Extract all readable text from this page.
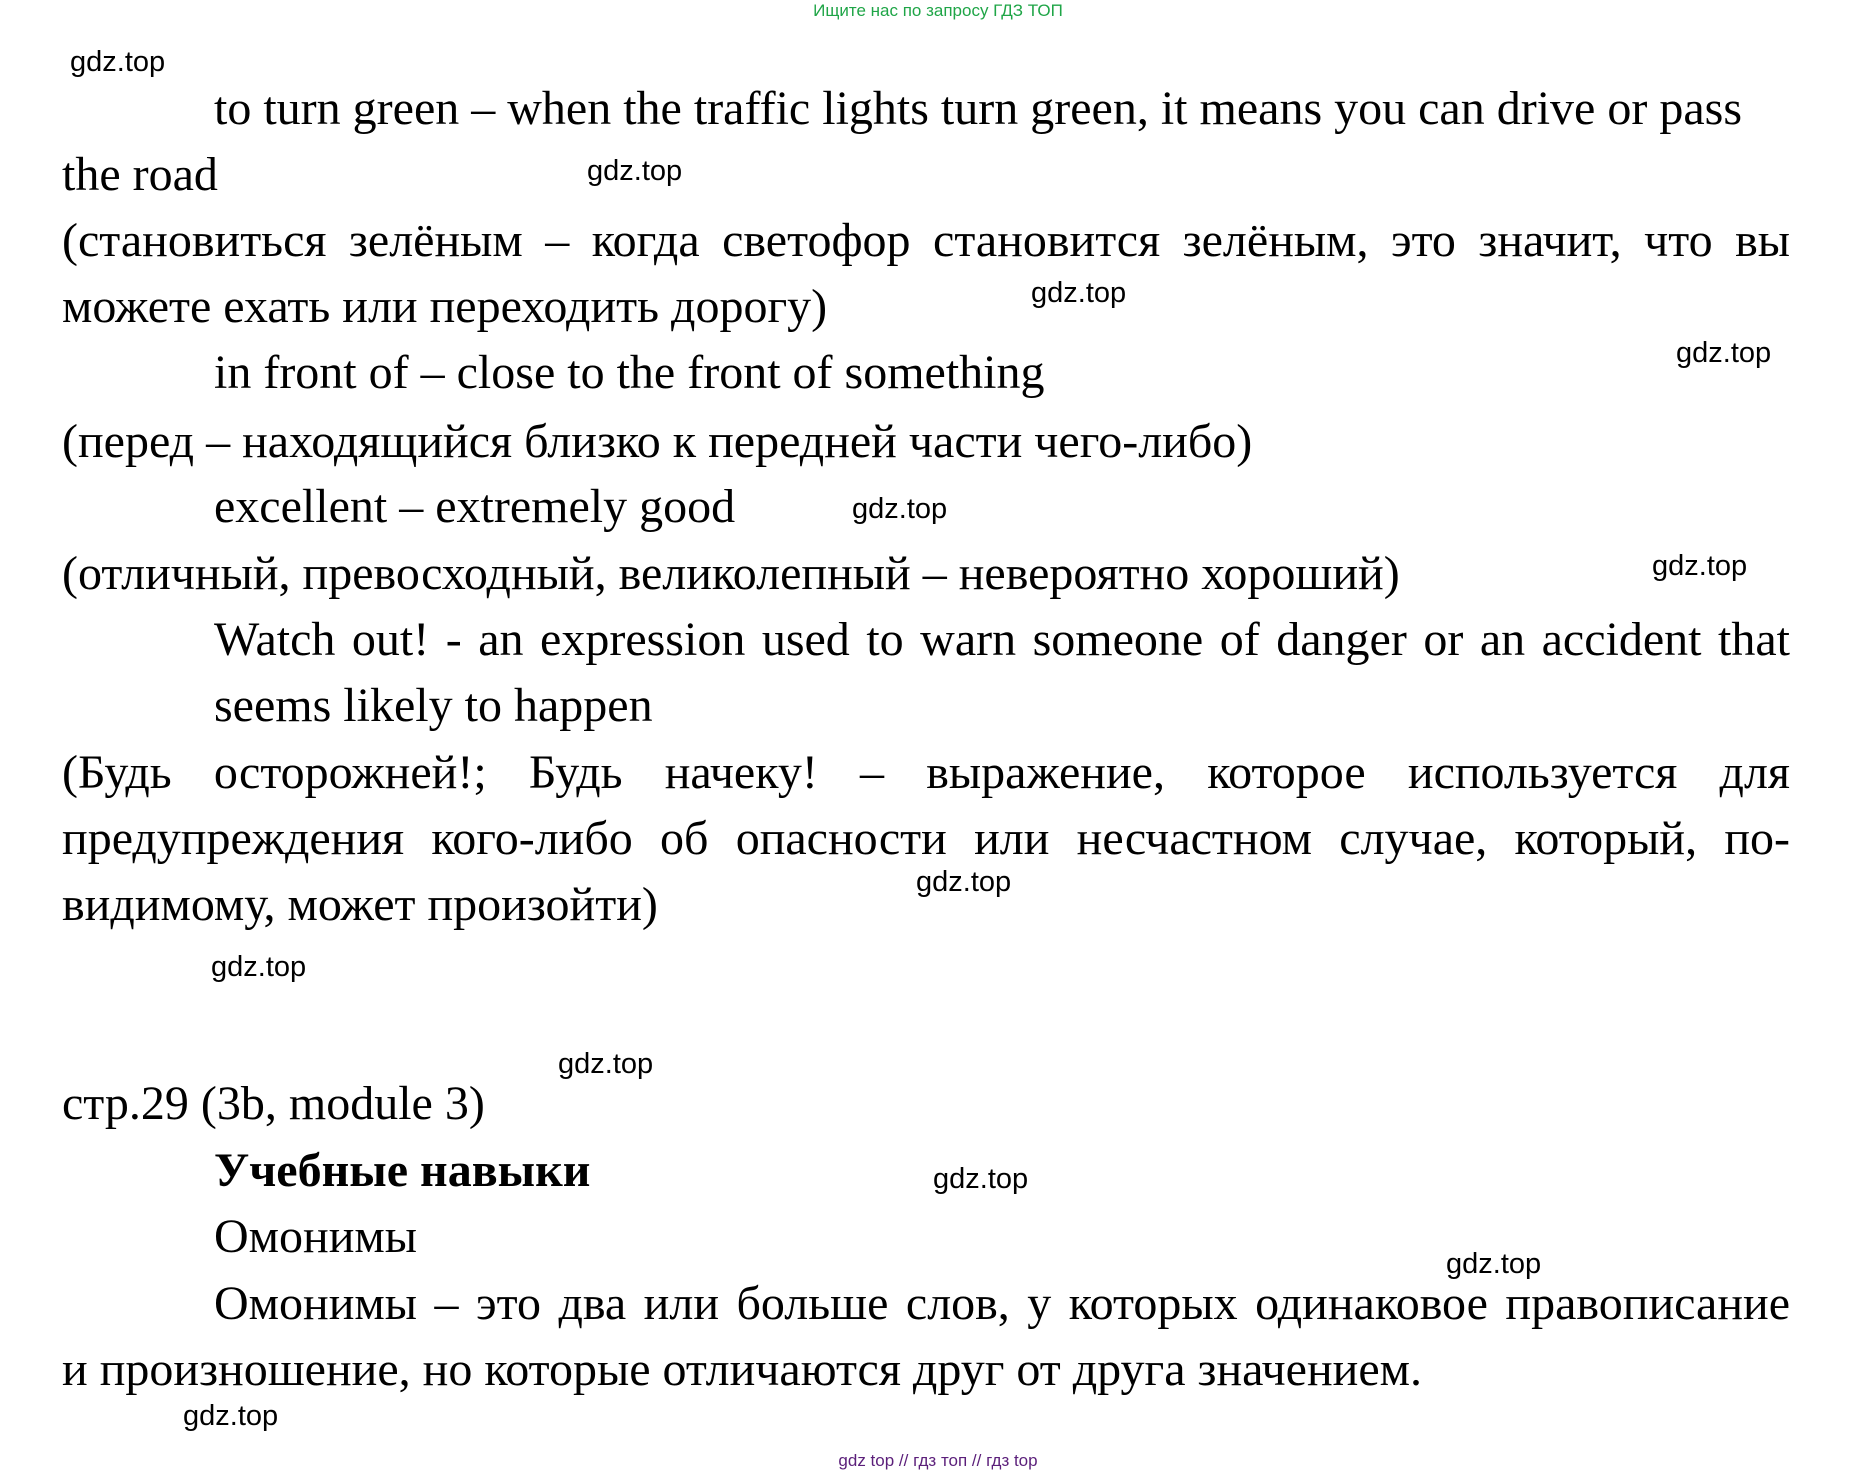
Ищите нас по запросу ГДЗ ТОП
to turn green – when the traffic lights turn green, it means you can drive or pass
the road
(становиться зелёным – когда светофор становится зелёным, это значит, что вы
можете ехать или переходить дорогу)
in front of – close to the front of something
(перед – находящийся близко к передней части чего-либо)
excellent – extremely good
(отличный, превосходный, великолепный – невероятно хороший)
Watch out! - an expression used to warn someone of danger or an accident that
seems likely to happen
(Будь осторожней!; Будь начеку! – выражение, которое используется для
предупреждения кого-либо об опасности или несчастном случае, который, по-
видимому, может произойти)
стр.29 (3b, module 3)
Учебные навыки
Омонимы
Омонимы – это два или больше слов, у которых одинаковое правописание
и произношение, но которые отличаются друг от друга значением.
gdz.top
gdz.top
gdz.top
gdz.top
gdz.top
gdz.top
gdz.top
gdz.top
gdz.top
gdz.top
gdz.top
gdz.top
gdz top // гдз топ // гдз top
